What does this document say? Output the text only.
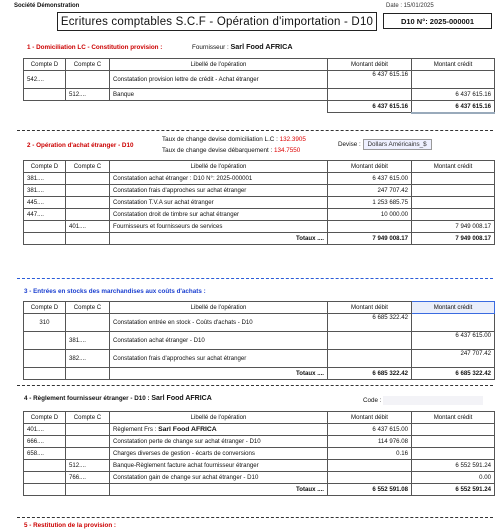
Société Démonstration	Date : 15/01/2025
Ecritures comptables S.C.F - Opération d'importation - D10	D10 N°: 2025-000001
1 - Domiciliation LC - Constitution provision :	Fournisseur : Sarl Food AFRICA
Compte D	Compte C	Libellé de l'opération	Montant débit	Montant crédit
542....		Constatation provision lettre de crédit - Achat étranger	6 437 615.16	
	512....	Banque		6 437 615.16
			6 437 615.16	6 437 615.16
2 - Opération d'achat étranger - D10
Taux de change devise domiciliation L.C : 132.3905
Taux de change devise débarquement : 134.7550
Devise : Dollars Américains_$
Compte D	Compte C	Libellé de l'opération	Montant débit	Montant crédit
381....		Constatation achat étranger : D10 N°: 2025-000001	6 437 615.00	
381....		Constatation frais d'approches sur achat étranger	247 707.42	
445....		Constatation T.V.A sur achat étranger	1 253 685.75	
447....		Constatation droit de timbre sur achat étranger	10 000.00	
	401....	Fournisseurs et fournisseurs de services		7 949 008.17
		Totaux ....	7 949 008.17	7 949 008.17
3 - Entrées en stocks des marchandises aux coûts d'achats :
Compte D	Compte C	Libellé de l'opération	Montant débit	Montant crédit
310		Constatation entrée en stock - Coûts d'achats - D10	6 685 322.42	
	381....	Constatation achat étranger - D10		6 437 615.00
	382....	Constatation frais d'approches sur achat étranger		247 707.42
		Totaux ....	6 685 322.42	6 685 322.42
4 - Règlement fournisseur étranger - D10 : Sarl Food AFRICA	Code :
Compte D	Compte C	Libellé de l'opération	Montant débit	Montant crédit
401....		Règlement Frs : Sarl Food AFRICA	6 437 615.00	
666....		Constatation perte de change sur achat étranger - D10	114 976.08	
658....		Charges diverses de gestion - écarts de conversions	0.16	
	512....	Banque-Règlement facture achat fournisseur étranger		6 552 591.24
	766....	Constatation gain de change sur achat étranger - D10		0.00
		Totaux ....	6 552 591.08	6 552 591.24
5 - Restitution de la provision :
